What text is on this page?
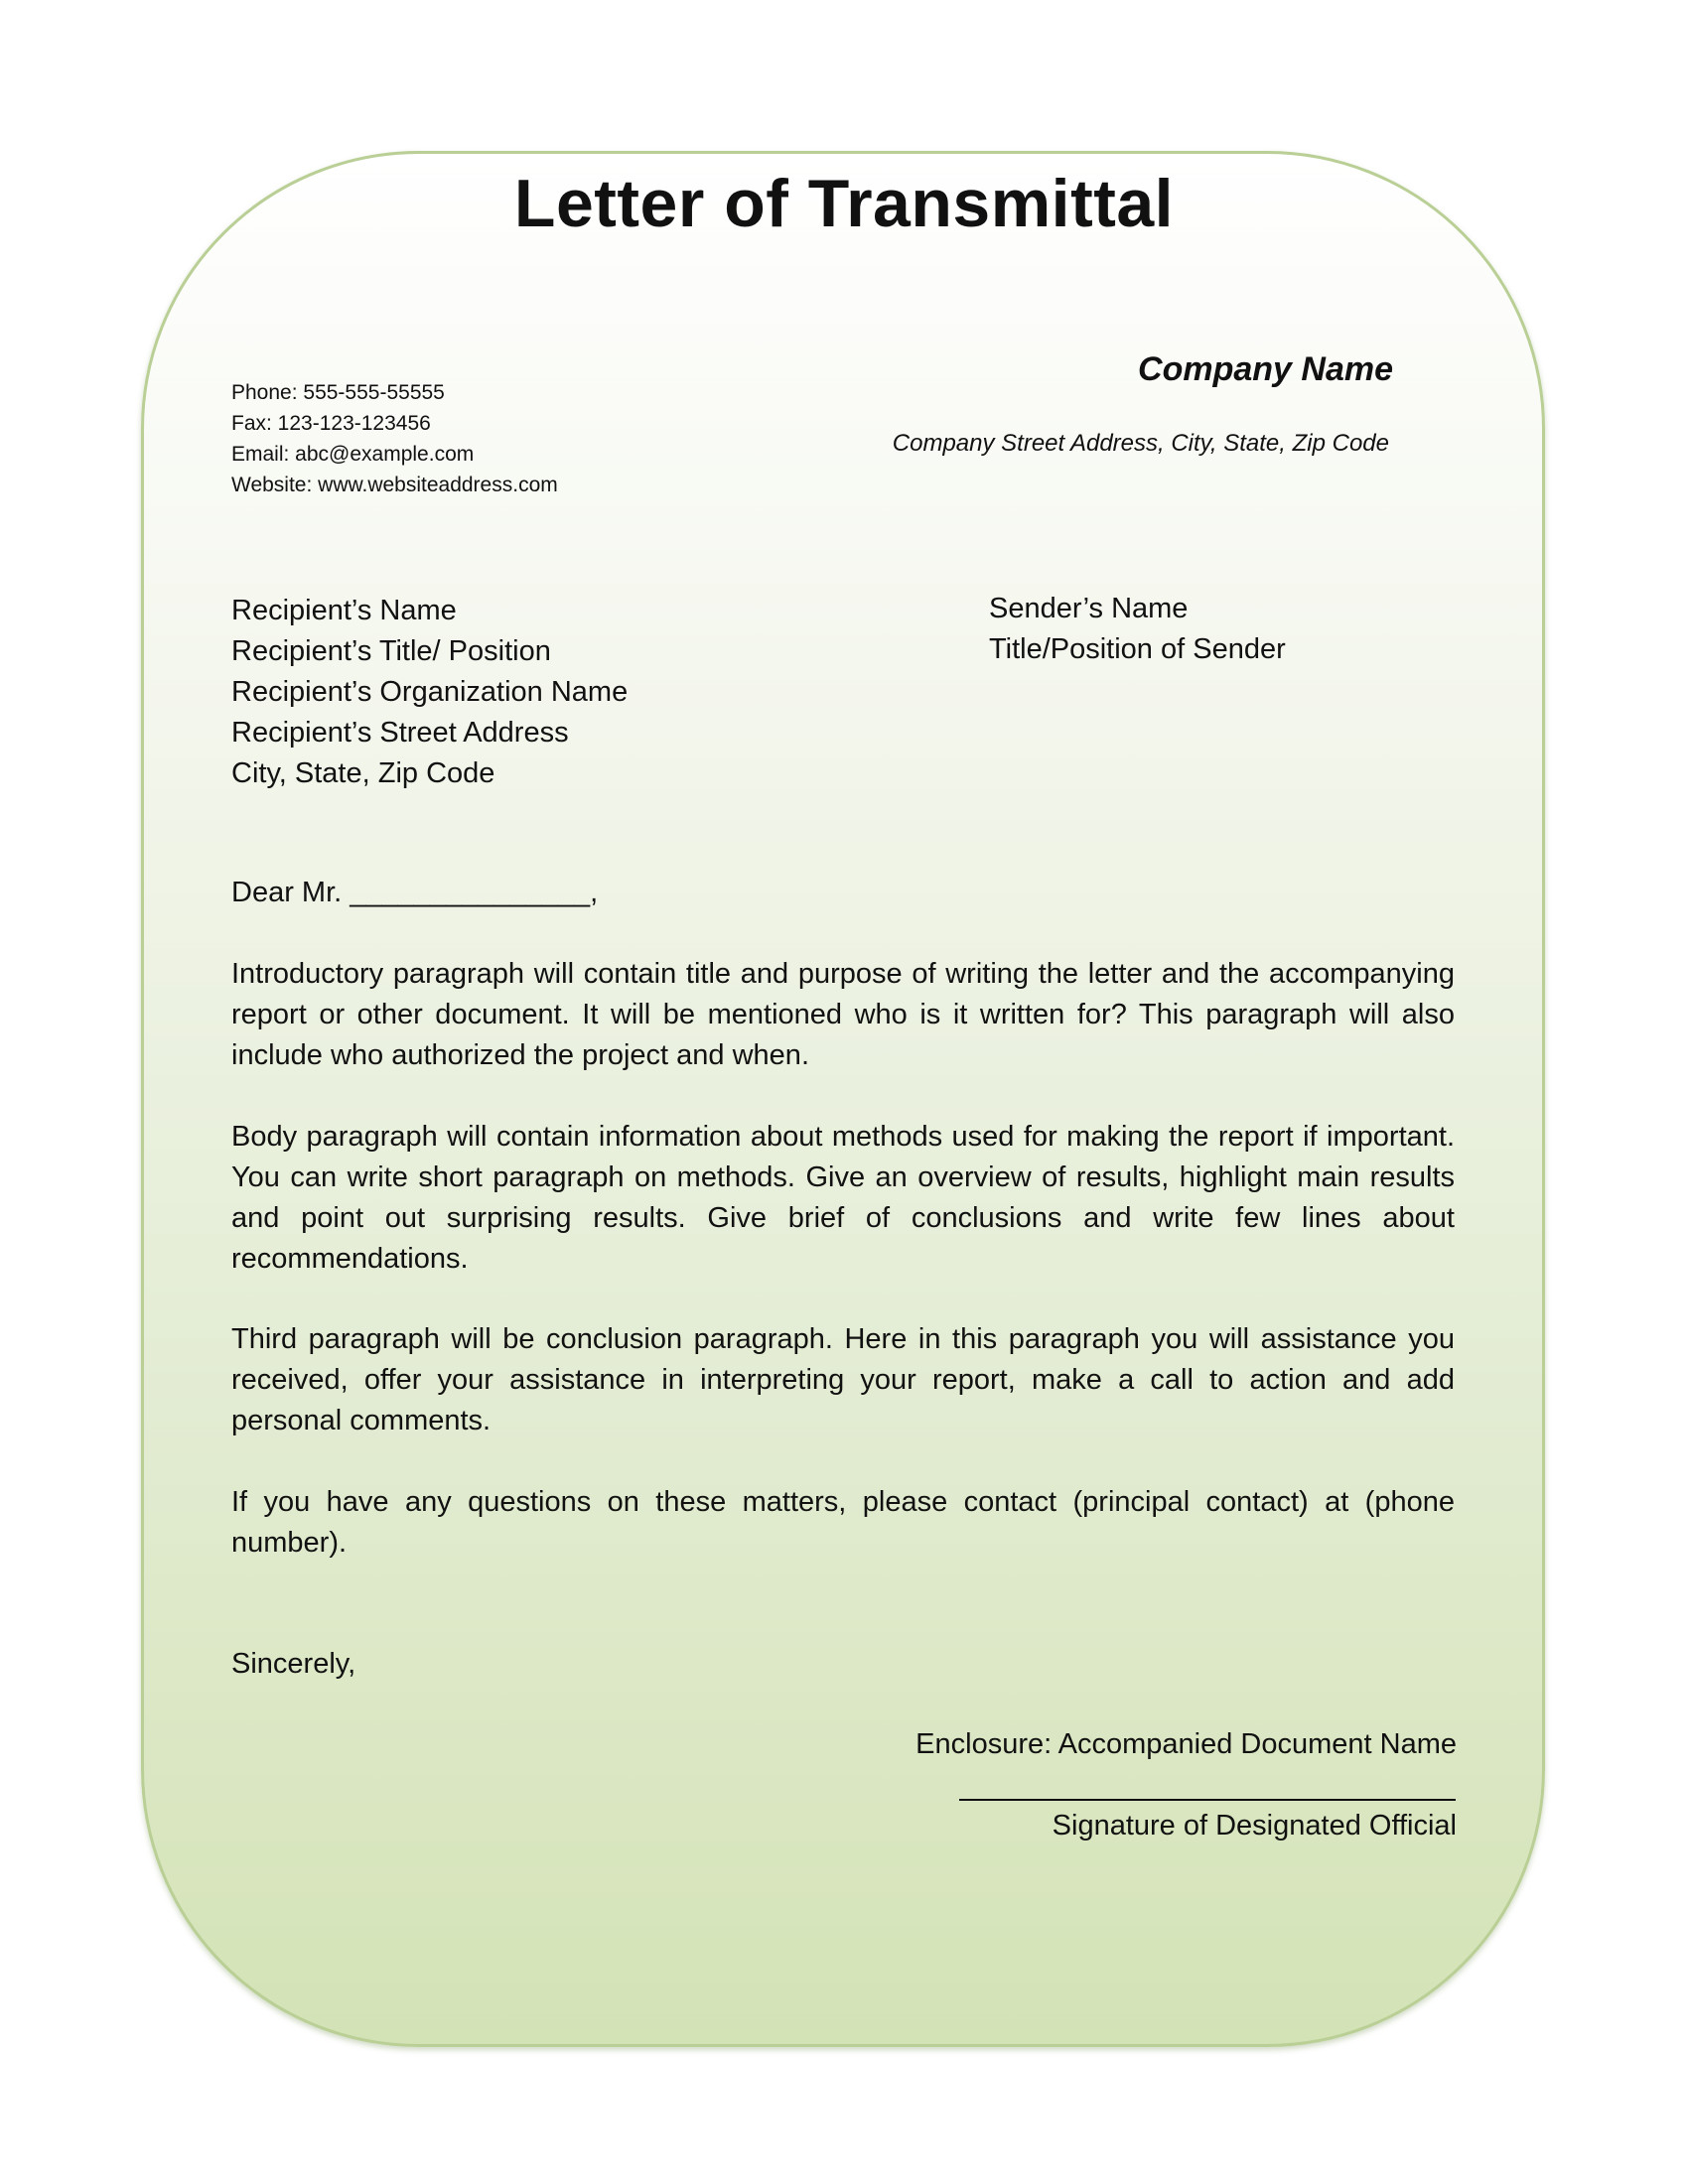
Letter of Transmittal
Phone: 555-555-55555
Fax: 123-123-123456
Email: abc@example.com
Website: www.websiteaddress.com
Company Name
Company Street Address, City, State, Zip Code
Recipient’s Name
Recipient’s Title/ Position
Recipient’s Organization Name
Recipient’s Street Address
City, State, Zip Code
Sender’s Name
Title/Position of Sender
Dear Mr. _______________,
Introductory paragraph will contain title and purpose of writing the letter and the accompanying report or other document. It will be mentioned who is it written for? This paragraph will also include who authorized the project and when.
Body paragraph will contain information about methods used for making the report if important. You can write short paragraph on methods. Give an overview of results, highlight main results and point out surprising results. Give brief of conclusions and write few lines about recommendations.
Third paragraph will be conclusion paragraph. Here in this paragraph you will assistance you received, offer your assistance in interpreting your report, make a call to action and add personal comments.
If you have any questions on these matters, please contact (principal contact) at (phone number).
Sincerely,
Enclosure: Accompanied Document Name
Signature of Designated Official
